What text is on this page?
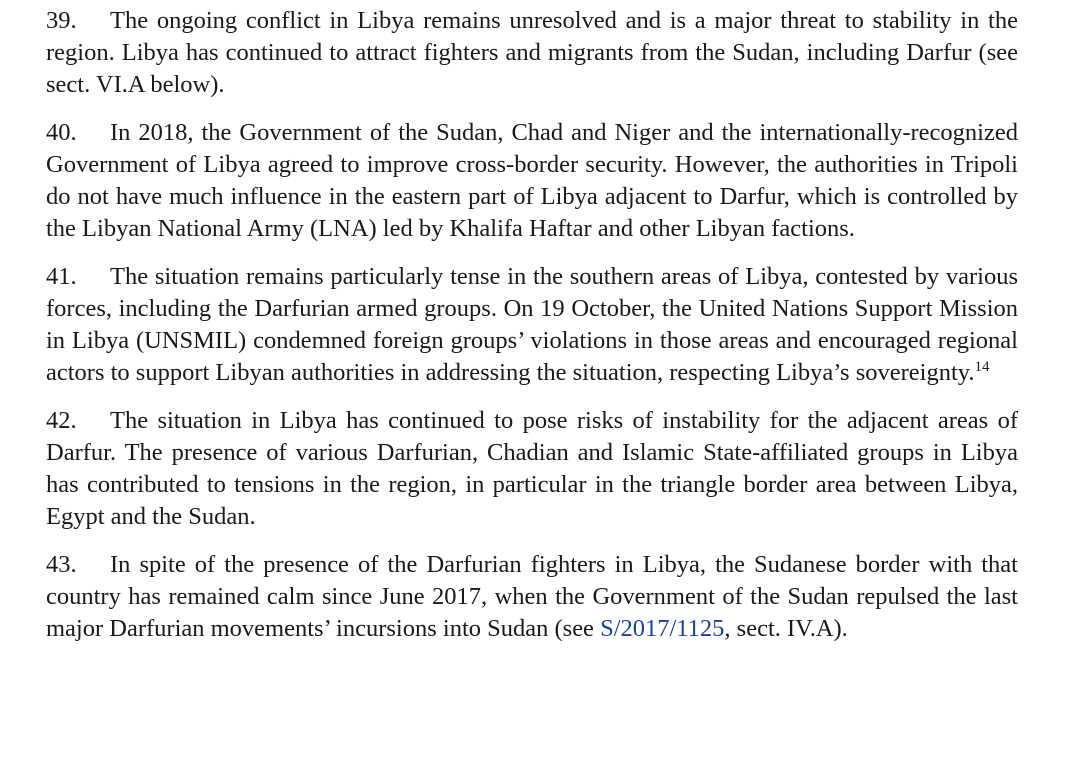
39. The ongoing conflict in Libya remains unresolved and is a major threat to stability in the region. Libya has continued to attract fighters and migrants from the Sudan, including Darfur (see sect. VI.A below).

40. In 2018, the Government of the Sudan, Chad and Niger and the internationally-recognized Government of Libya agreed to improve cross-border security. However, the authorities in Tripoli do not have much influence in the eastern part of Libya adjacent to Darfur, which is controlled by the Libyan National Army (LNA) led by Khalifa Haftar and other Libyan factions.

41. The situation remains particularly tense in the southern areas of Libya, contested by various forces, including the Darfurian armed groups. On 19 October, the United Nations Support Mission in Libya (UNSMIL) condemned foreign groups’ violations in those areas and encouraged regional actors to support Libyan authorities in addressing the situation, respecting Libya’s sovereignty.$^{14}$

42. The situation in Libya has continued to pose risks of instability for the adjacent areas of Darfur. The presence of various Darfurian, Chadian and Islamic State-affiliated groups in Libya has contributed to tensions in the region, in particular in the triangle border area between Libya, Egypt and the Sudan.

43. In spite of the presence of the Darfurian fighters in Libya, the Sudanese border with that country has remained calm since June 2017, when the Government of the Sudan repulsed the last major Darfurian movements’ incursions into Sudan (see S/2017/1125, sect. IV.A).
